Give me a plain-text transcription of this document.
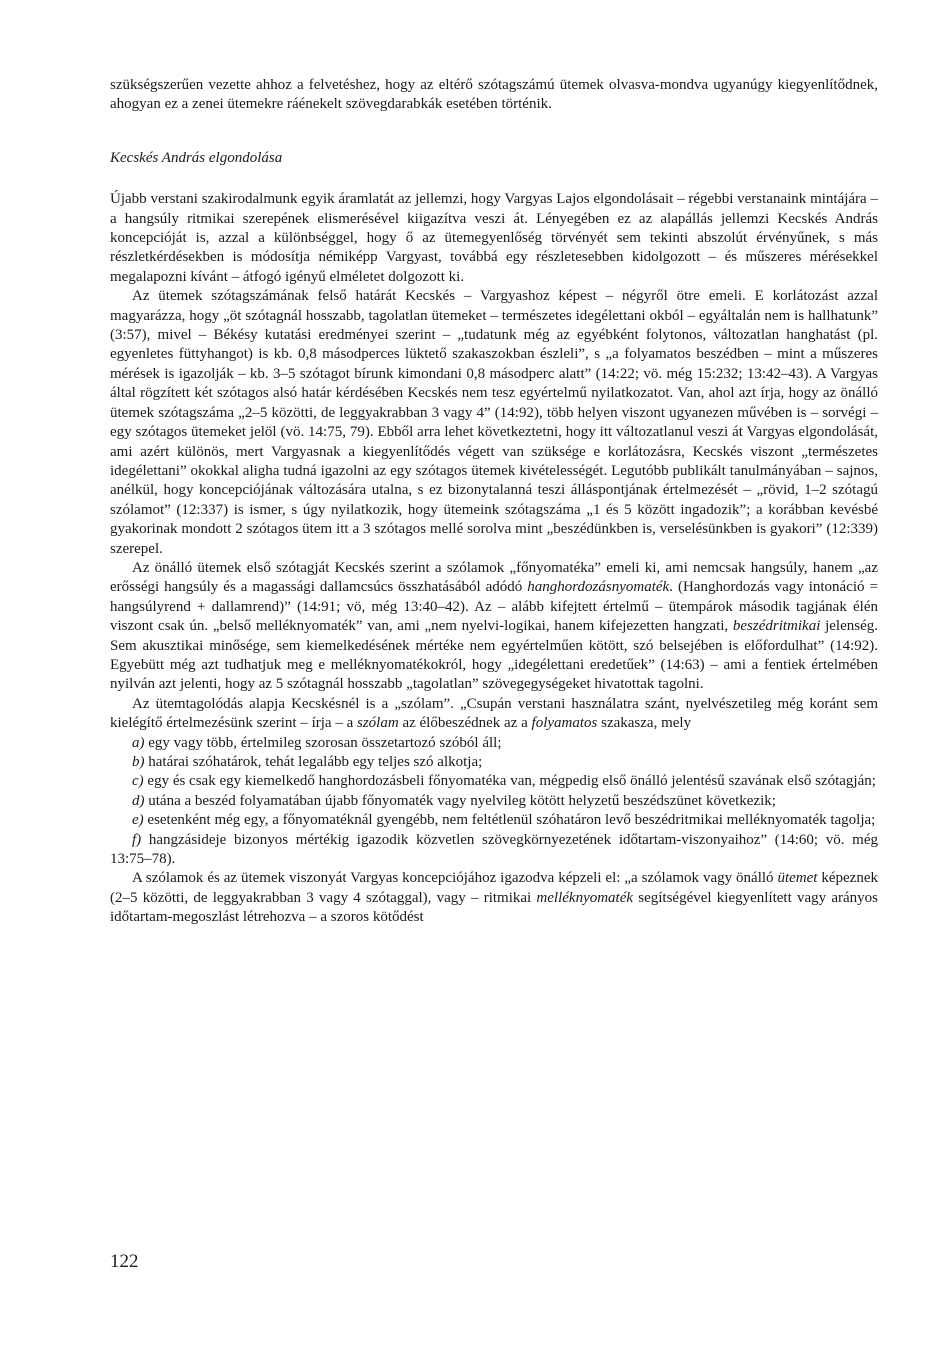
szükségszerűen vezette ahhoz a felvetéshez, hogy az eltérő szótagszámú ütemek olvasva-mondva ugyanúgy kiegyenlítődnek, ahogyan ez a zenei ütemekre ráénekelt szövegdarabkák esetében történik.

Kecskés András elgondolása

Újabb verstani szakirodalmunk egyik áramlatát az jellemzi, hogy Vargyas Lajos elgondolásait – régebbi verstanaink mintájára – a hangsúly ritmikai szerepének elismerésével kiigazítva veszi át. Lényegében ez az alapállás jellemzi Kecskés András koncepcióját is, azzal a különbséggel, hogy ő az ütemegyenlőség törvényét sem tekinti abszolút érvényűnek, s más részletkérdésekben is módosítja némiképp Vargyast, továbbá egy részletesebben kidolgozott – és műszeres mérésekkel megalapozni kívánt – átfogó igényű elméletet dolgozott ki.

Az ütemek szótagszámának felső határát Kecskés – Vargyashoz képest – négyről ötre emeli. E korlátozást azzal magyarázza, hogy „öt szótagnál hosszabb, tagolatlan ütemeket – természetes idegélettani okból – egyáltalán nem is hallhatunk” (3:57), mivel – Békésy kutatási eredményei szerint – „tudatunk még az egyébként folytonos, változatlan hanghatást (pl. egyenletes füttyhangot) is kb. 0,8 másodperces lüktető szakaszokban észleli”, s „a folyamatos beszédben – mint a műszeres mérések is igazolják – kb. 3–5 szótagot bírunk kimondani 0,8 másodperc alatt” (14:22; vö. még 15:232; 13:42–43). A Vargyas által rögzített két szótagos alsó határ kérdésében Kecskés nem tesz egyértelmű nyilatkozatot. Van, ahol azt írja, hogy az önálló ütemek szótagszáma „2–5 közötti, de leggyakrabban 3 vagy 4” (14:92), több helyen viszont ugyanezen művében is – sorvégi – egy szótagos ütemeket jelöl (vö. 14:75, 79). Ebből arra lehet következtetni, hogy itt változatlanul veszi át Vargyas elgondolását, ami azért különös, mert Vargyasnak a kiegyenlítődés végett van szüksége e korlátozásra, Kecskés viszont „természetes idegélettani” okokkal aligha tudná igazolni az egy szótagos ütemek kivételességét. Legutóbb publikált tanulmányában – sajnos, anélkül, hogy koncepciójának változására utalna, s ez bizonytalanná teszi álláspontjának értelmezését – „rövid, 1–2 szótagú szólamot” (12:337) is ismer, s úgy nyilatkozik, hogy ütemeink szótagszáma „1 és 5 között ingadozik”; a korábban kevésbé gyakorinak mondott 2 szótagos ütem itt a 3 szótagos mellé sorolva mint „beszédünkben is, verselésünkben is gyakori” (12:339) szerepel.

Az önálló ütemek első szótagját Kecskés szerint a szólamok „főnyomatéka” emeli ki, ami nemcsak hangsúly, hanem „az erősségi hangsúly és a magassági dallamcsúcs összhatásából adódó hanghordozásnyomaték. (Hanghordozás vagy intonáció = hangsúlyrend + dallamrend)” (14:91; vö, még 13:40–42). Az – alább kifejtett értelmű – ütempárok második tagjának élén viszont csak ún. „belső melléknyomaték” van, ami „nem nyelvi-logikai, hanem kifejezetten hangzati, beszédritmikai jelenség. Sem akusztikai minősége, sem kiemelkedésének mértéke nem egyértelműen kötött, szó belsejében is előfordulhat” (14:92). Egyebütt még azt tudhatjuk meg e melléknyomatékokról, hogy „idegélettani eredetűek” (14:63) – ami a fentiek értelmében nyilván azt jelenti, hogy az 5 szótagnál hosszabb „tagolatlan” szövegegységeket hivatottak tagolni.

Az ütemtagolódás alapja Kecskésnél is a „szólam”. „Csupán verstani használatra szánt, nyelvészetileg még koránt sem kielégítő értelmezésünk szerint – írja – a szólam az élőbeszédnek az a folyamatos szakasza, mely

a) egy vagy több, értelmileg szorosan összetartozó szóból áll;

b) határai szóhatárok, tehát legalább egy teljes szó alkotja;

c) egy és csak egy kiemelkedő hanghordozásbeli főnyomatéka van, mégpedig első önálló jelentésű szavának első szótagján;

d) utána a beszéd folyamatában újabb főnyomaték vagy nyelvileg kötött helyzetű beszédszünet következik;

e) esetenként még egy, a főnyomatéknál gyengébb, nem feltétlenül szóhatáron levő beszédritmikai melléknyomaték tagolja;

f) hangzásideje bizonyos mértékig igazodik közvetlen szövegkörnyezetének időtartam-viszonyaihoz” (14:60; vö. még 13:75–78).

A szólamok és az ütemek viszonyát Vargyas koncepciójához igazodva képzeli el: „a szólamok vagy önálló ütemet képeznek (2–5 közötti, de leggyakrabban 3 vagy 4 szótaggal), vagy – ritmikai melléknyomaték segítségével kiegyenlített vagy arányos időtartam-megoszlást létrehozva – a szoros kötődést

122
